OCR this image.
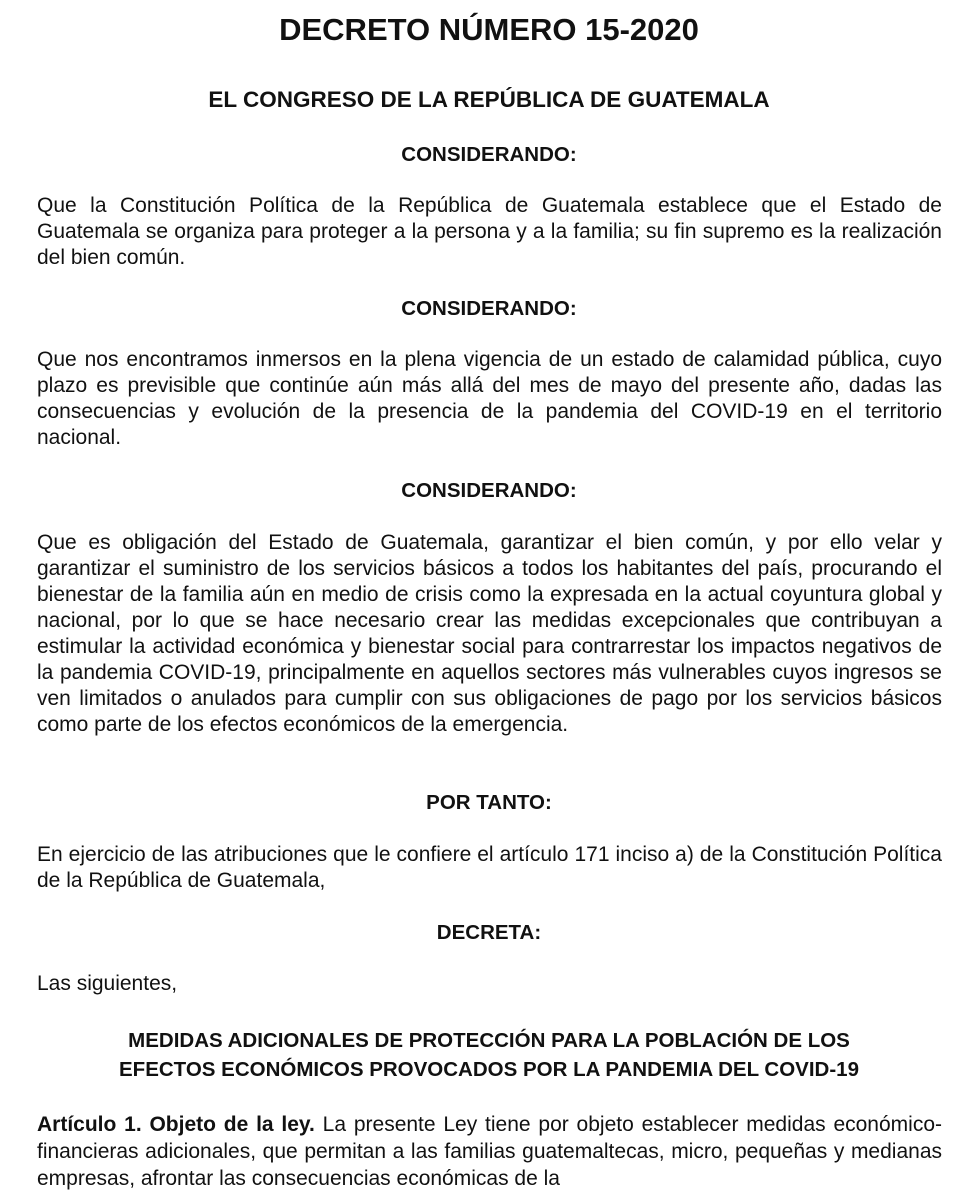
DECRETO NÚMERO 15-2020
EL CONGRESO DE LA REPÚBLICA DE GUATEMALA
CONSIDERANDO:

Que la Constitución Política de la República de Guatemala establece que el Estado de Guatemala se organiza para proteger a la persona y a la familia; su fin supremo es la realización del bien común.

CONSIDERANDO:

Que nos encontramos inmersos en la plena vigencia de un estado de calamidad pública, cuyo plazo es previsible que continúe aún más allá del mes de mayo del presente año, dadas las consecuencias y evolución de la presencia de la pandemia del COVID-19 en el territorio nacional.

CONSIDERANDO:

Que es obligación del Estado de Guatemala, garantizar el bien común, y por ello velar y garantizar el suministro de los servicios básicos a todos los habitantes del país, procurando el bienestar de la familia aún en medio de crisis como la expresada en la actual coyuntura global y nacional, por lo que se hace necesario crear las medidas excepcionales que contribuyan a estimular la actividad económica y bienestar social para contrarrestar los impactos negativos de la pandemia COVID-19, principalmente en aquellos sectores más vulnerables cuyos ingresos se ven limitados o anulados para cumplir con sus obligaciones de pago por los servicios básicos como parte de los efectos económicos de la emergencia.

POR TANTO:

En ejercicio de las atribuciones que le confiere el artículo 171 inciso a) de la Constitución Política de la República de Guatemala,

DECRETA:

Las siguientes,

MEDIDAS ADICIONALES DE PROTECCIÓN PARA LA POBLACIÓN DE LOS
EFECTOS ECONÓMICOS PROVOCADOS POR LA PANDEMIA DEL COVID-19

Artículo 1. Objeto de la ley. La presente Ley tiene por objeto establecer medidas económico-financieras adicionales, que permitan a las familias guatemaltecas, micro, pequeñas y medianas empresas, afrontar las consecuencias económicas de la
